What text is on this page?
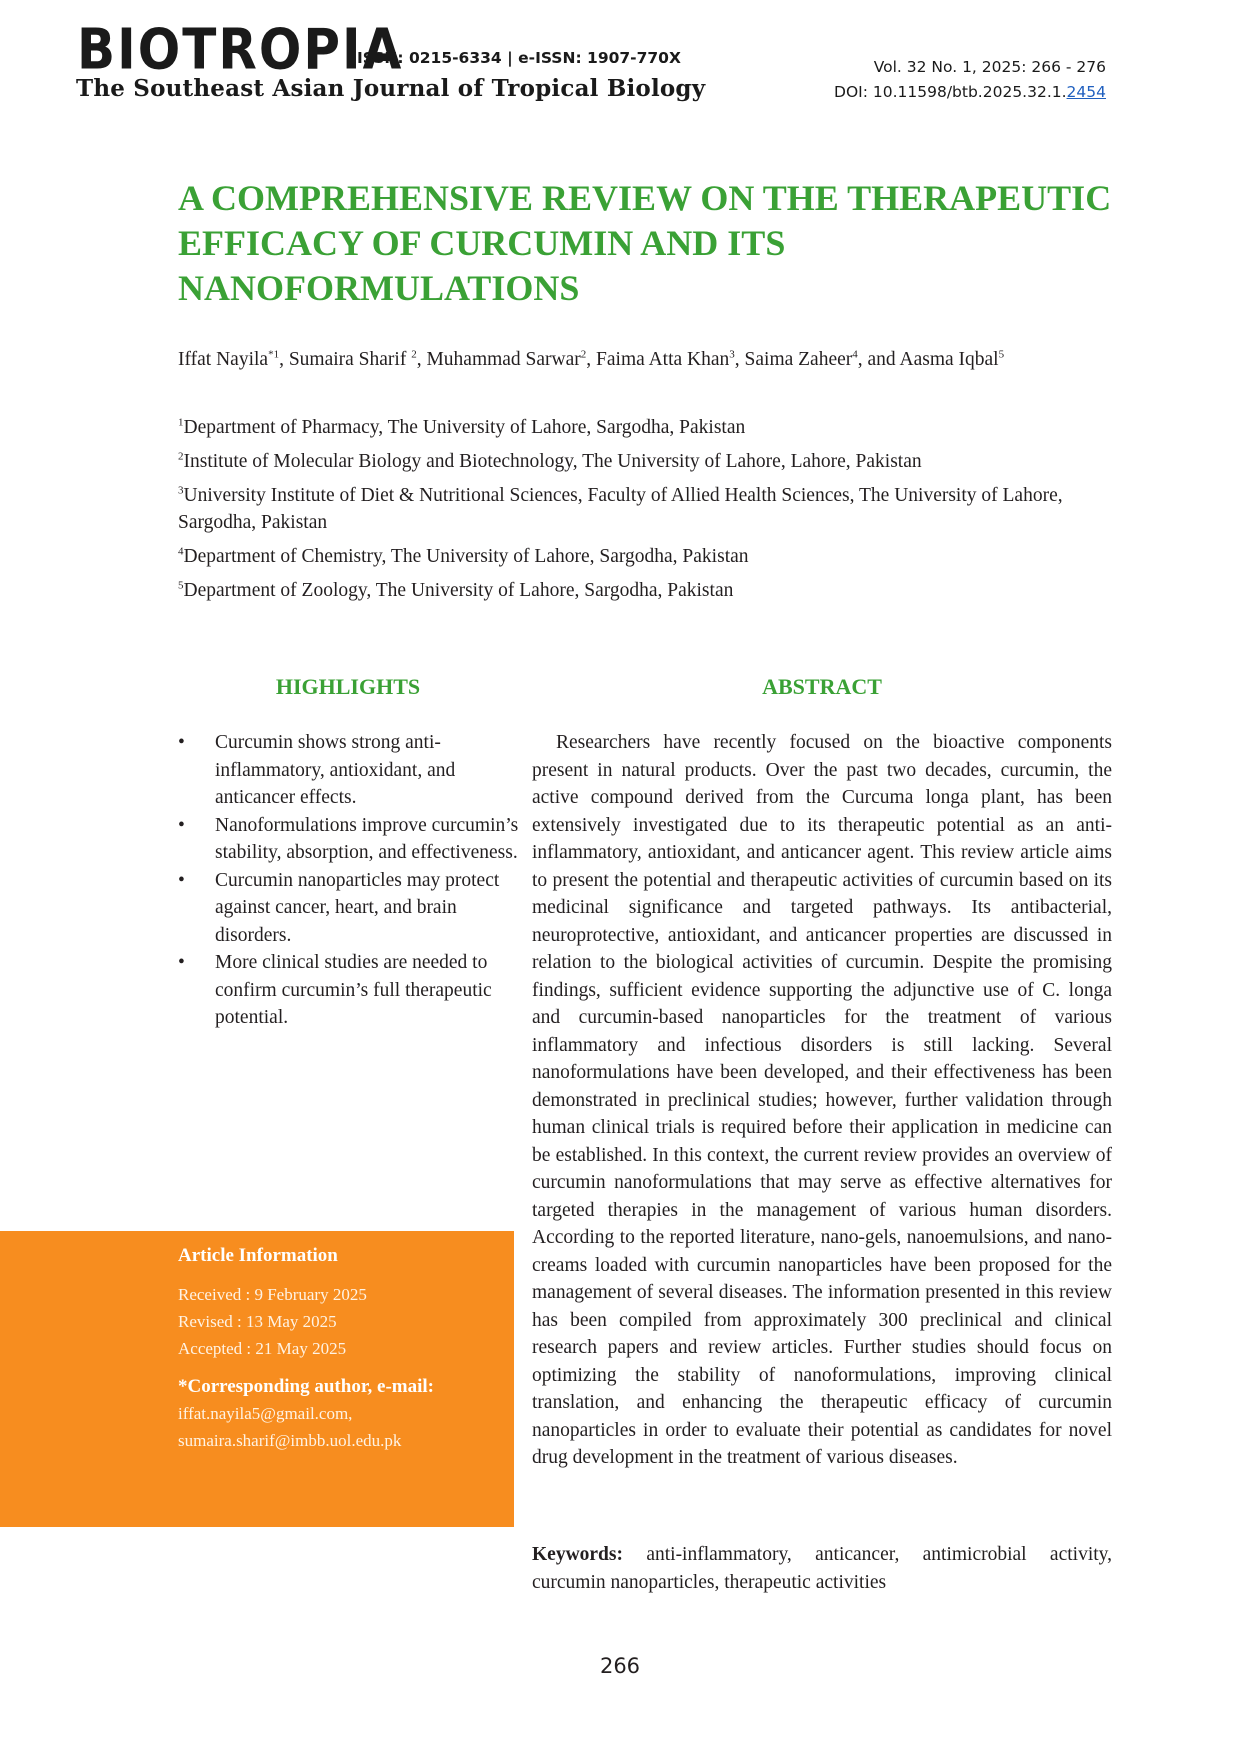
BIOTROPIA
ISSN: 0215-6334 | e-ISSN: 1907-770X
The Southeast Asian Journal of Tropical Biology
Vol. 32 No. 1, 2025: 266 - 276
DOI: 10.11598/btb.2025.32.1.2454
A COMPREHENSIVE REVIEW ON THE THERAPEUTIC EFFICACY OF CURCUMIN AND ITS NANOFORMULATIONS
Iffat Nayila$^{*1}$, Sumaira Sharif $^2$, Muhammad Sarwar$^2$, Faima Atta Khan$^3$, Saima Zaheer$^4$, and Aasma Iqbal$^5$
$^1$Department of Pharmacy, The University of Lahore, Sargodha, Pakistan
$^2$Institute of Molecular Biology and Biotechnology, The University of Lahore, Lahore, Pakistan
$^3$University Institute of Diet & Nutritional Sciences, Faculty of Allied Health Sciences, The University of Lahore, Sargodha, Pakistan
$^4$Department of Chemistry, The University of Lahore, Sargodha, Pakistan
$^5$Department of Zoology, The University of Lahore, Sargodha, Pakistan
HIGHLIGHTS
• Curcumin shows strong anti-inflammatory, antioxidant, and anticancer effects.
• Nanoformulations improve curcumin’s stability, absorption, and effectiveness.
• Curcumin nanoparticles may protect against cancer, heart, and brain disorders.
• More clinical studies are needed to confirm curcumin’s full therapeutic potential.
ABSTRACT

Researchers have recently focused on the bioactive components present in natural products. Over the past two decades, curcumin, the active compound derived from the Curcuma longa plant, has been extensively investigated due to its therapeutic potential as an anti-inflammatory, antioxidant, and anticancer agent. This review article aims to present the potential and therapeutic activities of curcumin based on its medicinal significance and targeted pathways. Its antibacterial, neuroprotective, antioxidant, and anticancer properties are discussed in relation to the biological activities of curcumin. Despite the promising findings, sufficient evidence supporting the adjunctive use of C. longa and curcumin-based nanoparticles for the treatment of various inflammatory and infectious disorders is still lacking. Several nanoformulations have been developed, and their effectiveness has been demonstrated in preclinical studies; however, further validation through human clinical trials is required before their application in medicine can be established. In this context, the current review provides an overview of curcumin nanoformulations that may serve as effective alternatives for targeted therapies in the management of various human disorders. According to the reported literature, nano-gels, nanoemulsions, and nano-creams loaded with curcumin nanoparticles have been proposed for the management of several diseases. The information presented in this review has been compiled from approximately 300 preclinical and clinical research papers and review articles. Further studies should focus on optimizing the stability of nanoformulations, improving clinical translation, and enhancing the therapeutic efficacy of curcumin nanoparticles in order to evaluate their potential as candidates for novel drug development in the treatment of various diseases.

Keywords: anti-inflammatory, anticancer, antimicrobial activity, curcumin nanoparticles, therapeutic activities
Article Information
Received : 9 February 2025
Revised : 13 May 2025
Accepted : 21 May 2025
*Corresponding author, e-mail:
iffat.nayila5@gmail.com,
sumaira.sharif@imbb.uol.edu.pk
266
